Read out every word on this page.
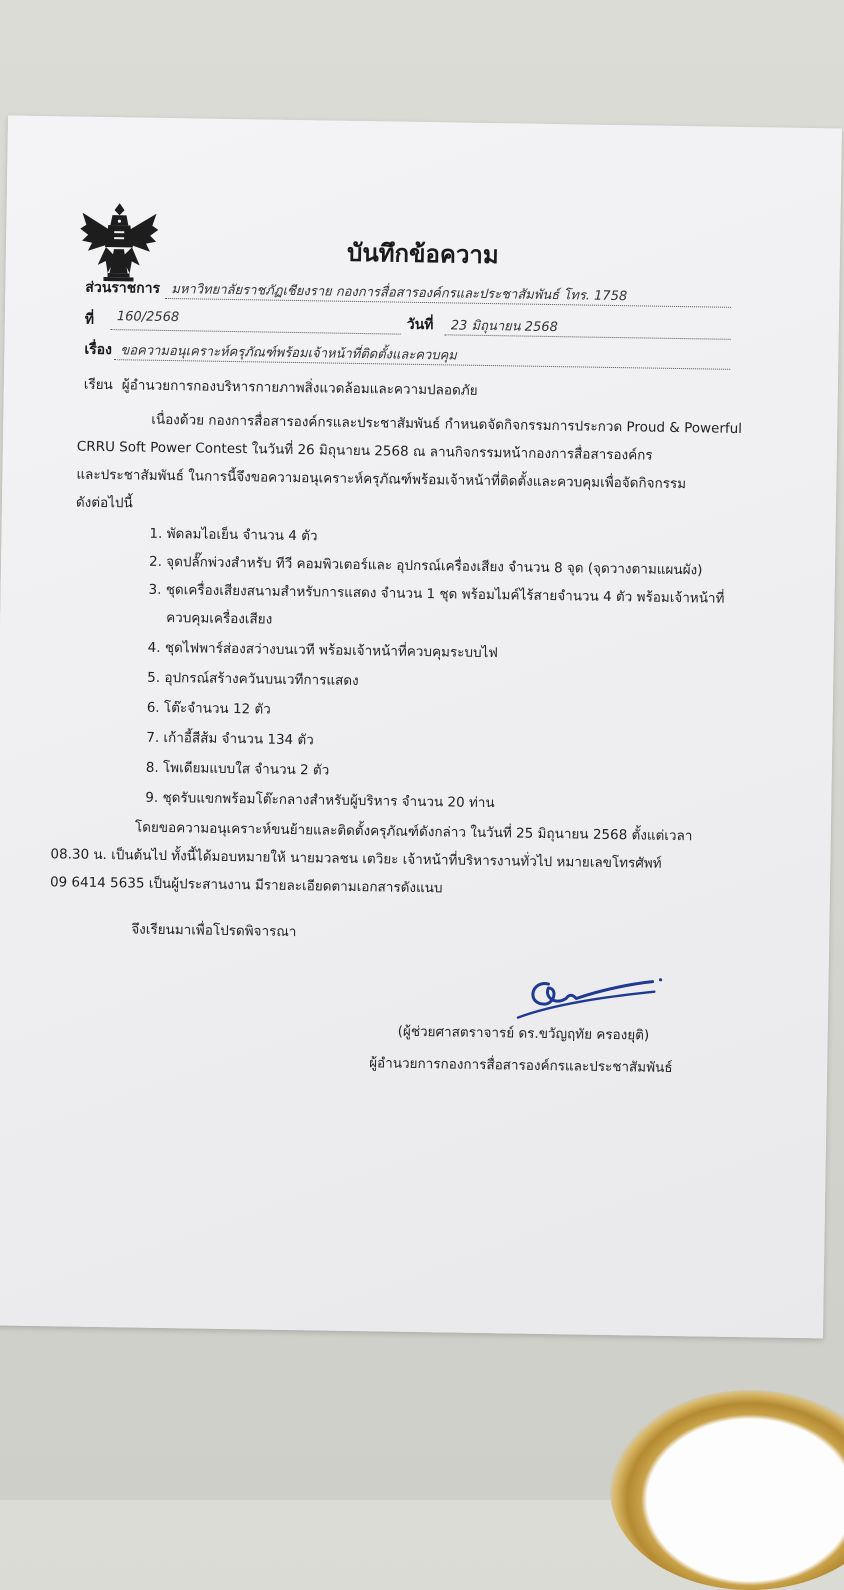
บันทึกข้อความ
ส่วนราชการ มหาวิทยาลัยราชภัฏเชียงราย กองการสื่อสารองค์กรและประชาสัมพันธ์ โทร. 1758
ที่ 160/2568	วันที่ 23 มิถุนายน 2568
เรื่อง ขอความอนุเคราะห์ครุภัณฑ์พร้อมเจ้าหน้าที่ติดตั้งและควบคุม
เรียน ผู้อำนวยการกองบริหารกายภาพสิ่งแวดล้อมและความปลอดภัย
เนื่องด้วย กองการสื่อสารองค์กรและประชาสัมพันธ์ กำหนดจัดกิจกรรมการประกวด Proud & Powerful
CRRU Soft Power Contest ในวันที่ 26 มิถุนายน 2568 ณ ลานกิจกรรมหน้ากองการสื่อสารองค์กร
และประชาสัมพันธ์ ในการนี้จึงขอความอนุเคราะห์ครุภัณฑ์พร้อมเจ้าหน้าที่ติดตั้งและควบคุมเพื่อจัดกิจกรรม
ดังต่อไปนี้
1. พัดลมไอเย็น จำนวน 4 ตัว
2. จุดปลั๊กพ่วงสำหรับ ทีวี คอมพิวเตอร์และ อุปกรณ์เครื่องเสียง จำนวน 8 จุด (จุดวางตามแผนผัง)
3. ชุดเครื่องเสียงสนามสำหรับการแสดง จำนวน 1 ชุด พร้อมไมค์ไร้สายจำนวน 4 ตัว พร้อมเจ้าหน้าที่
ควบคุมเครื่องเสียง
4. ชุดไฟพาร์ส่องสว่างบนเวที พร้อมเจ้าหน้าที่ควบคุมระบบไฟ
5. อุปกรณ์สร้างควันบนเวทีการแสดง
6. โต๊ะจำนวน 12 ตัว
7. เก้าอี้สีส้ม จำนวน 134 ตัว
8. โพเดียมแบบใส จำนวน 2 ตัว
9. ชุดรับแขกพร้อมโต๊ะกลางสำหรับผู้บริหาร จำนวน 20 ท่าน
โดยขอความอนุเคราะห์ขนย้ายและติดตั้งครุภัณฑ์ดังกล่าว ในวันที่ 25 มิถุนายน 2568 ตั้งแต่เวลา
08.30 น. เป็นต้นไป ทั้งนี้ได้มอบหมายให้ นายมวลชน เตวิยะ เจ้าหน้าที่บริหารงานทั่วไป หมายเลขโทรศัพท์
09 6414 5635 เป็นผู้ประสานงาน มีรายละเอียดตามเอกสารดังแนบ
จึงเรียนมาเพื่อโปรดพิจารณา
(ผู้ช่วยศาสตราจารย์ ดร.ขวัญฤทัย ครองยุติ)
ผู้อำนวยการกองการสื่อสารองค์กรและประชาสัมพันธ์
